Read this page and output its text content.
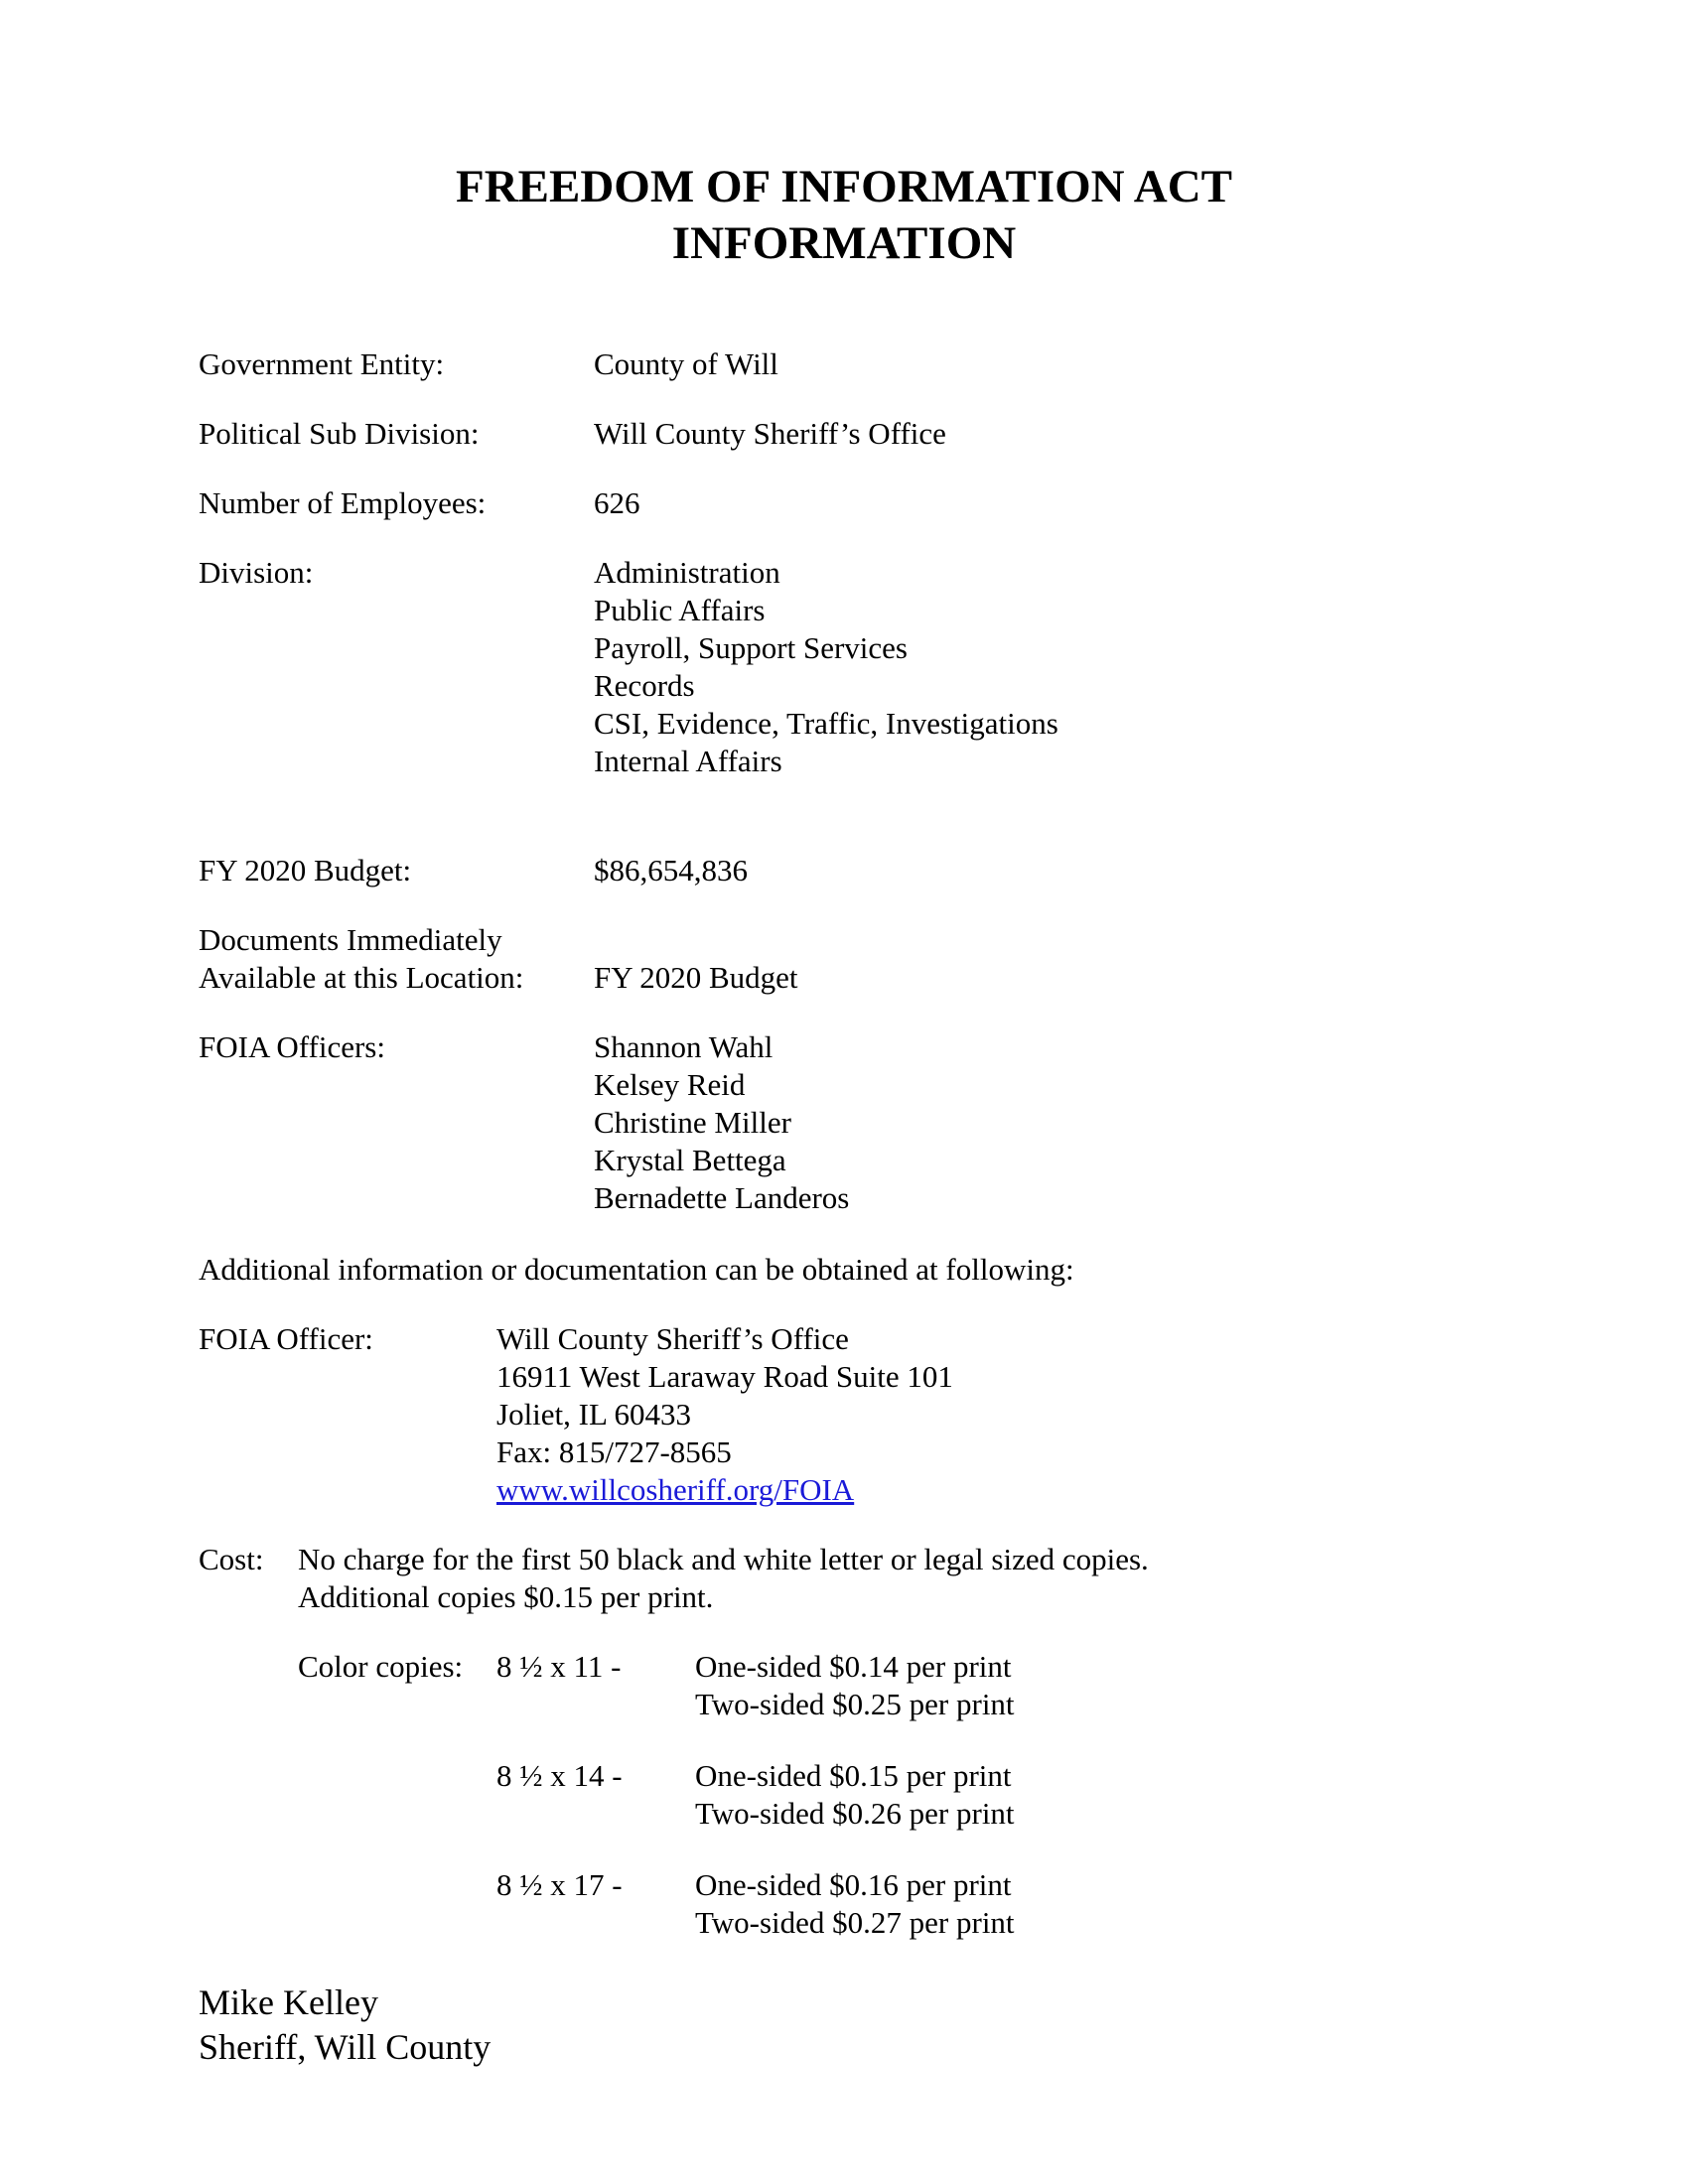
FREEDOM OF INFORMATION ACT
INFORMATION
Government Entity:	County of Will
Political Sub Division:	Will County Sheriff’s Office
Number of Employees:	626
Division:	Administration
Public Affairs
Payroll, Support Services
Records
CSI, Evidence, Traffic, Investigations
Internal Affairs
FY 2020 Budget:	$86,654,836
Documents Immediately
Available at this Location: FY 2020 Budget
FOIA Officers:	Shannon Wahl
Kelsey Reid
Christine Miller
Krystal Bettega
Bernadette Landeros
Additional information or documentation can be obtained at following:
FOIA Officer:	Will County Sheriff’s Office
16911 West Laraway Road Suite 101
Joliet, IL 60433
Fax: 815/727-8565
www.willcosheriff.org/FOIA
Cost: No charge for the first 50 black and white letter or legal sized copies.
Additional copies $0.15 per print.
Color copies: 8 ½ x 11 - One-sided $0.14 per print
Two-sided $0.25 per print
8 ½ x 14 - One-sided $0.15 per print
Two-sided $0.26 per print
8 ½ x 17 - One-sided $0.16 per print
Two-sided $0.27 per print
Mike Kelley
Sheriff, Will County
